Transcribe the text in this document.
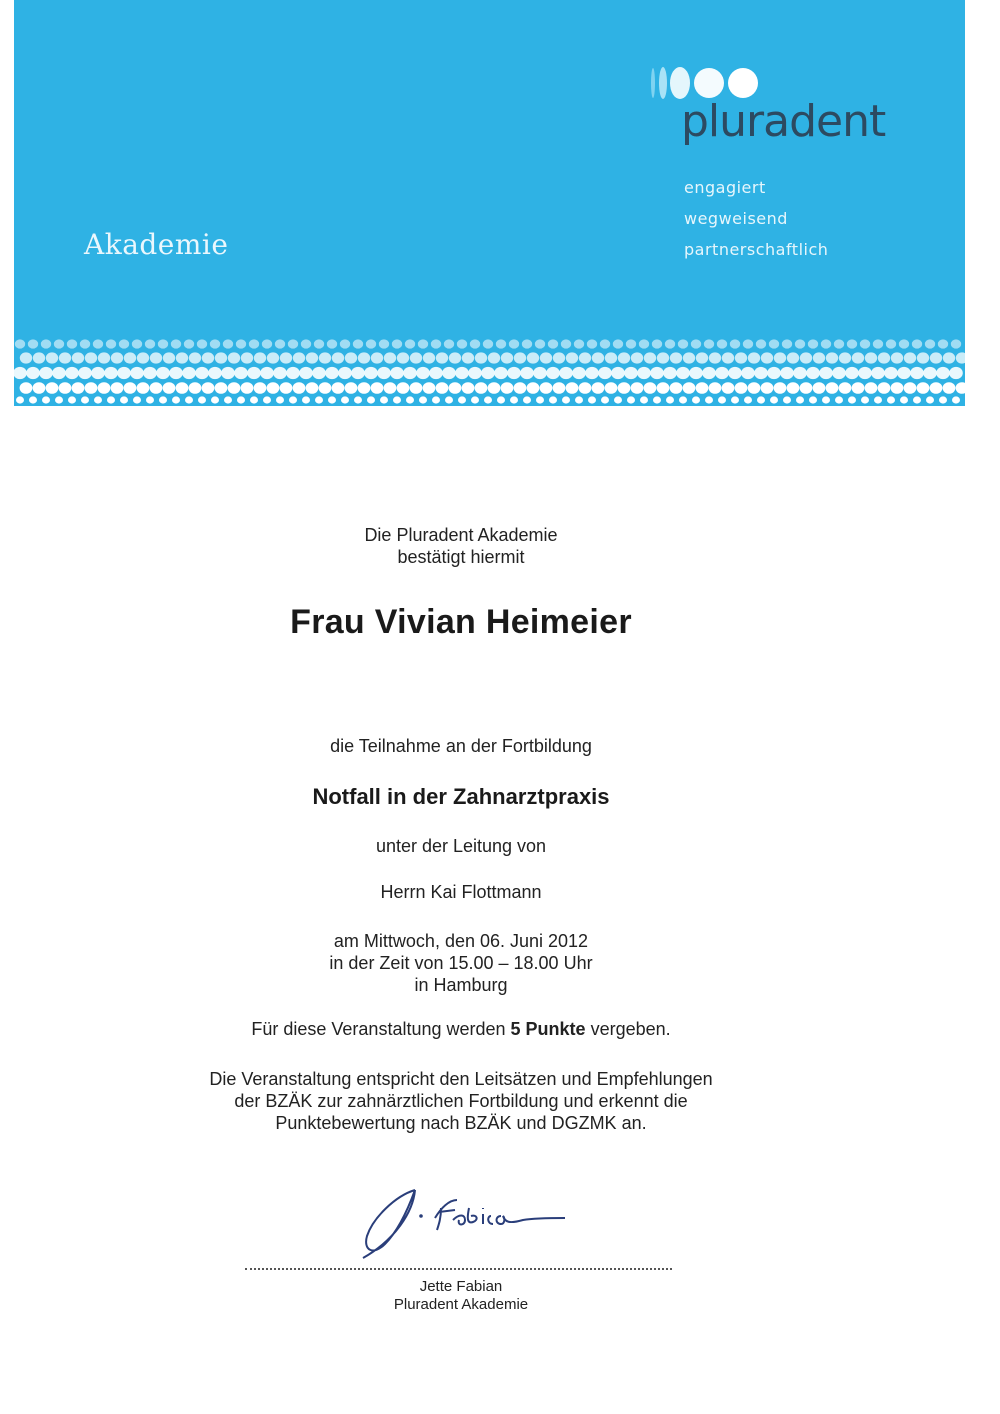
Akademie
pluradent
engagiert
wegweisend
partnerschaftlich
Die Pluradent Akademie
bestätigt hiermit
Frau Vivian Heimeier
die Teilnahme an der Fortbildung
Notfall in der Zahnarztpraxis
unter der Leitung von
Herrn Kai Flottmann
am Mittwoch, den 06. Juni 2012
in der Zeit von 15.00 – 18.00 Uhr
in Hamburg
Für diese Veranstaltung werden 5 Punkte vergeben.
Die Veranstaltung entspricht den Leitsätzen und Empfehlungen
der BZÄK zur zahnärztlichen Fortbildung und erkennt die
Punktebewertung nach BZÄK und DGZMK an.
Jette Fabian
Pluradent Akademie
